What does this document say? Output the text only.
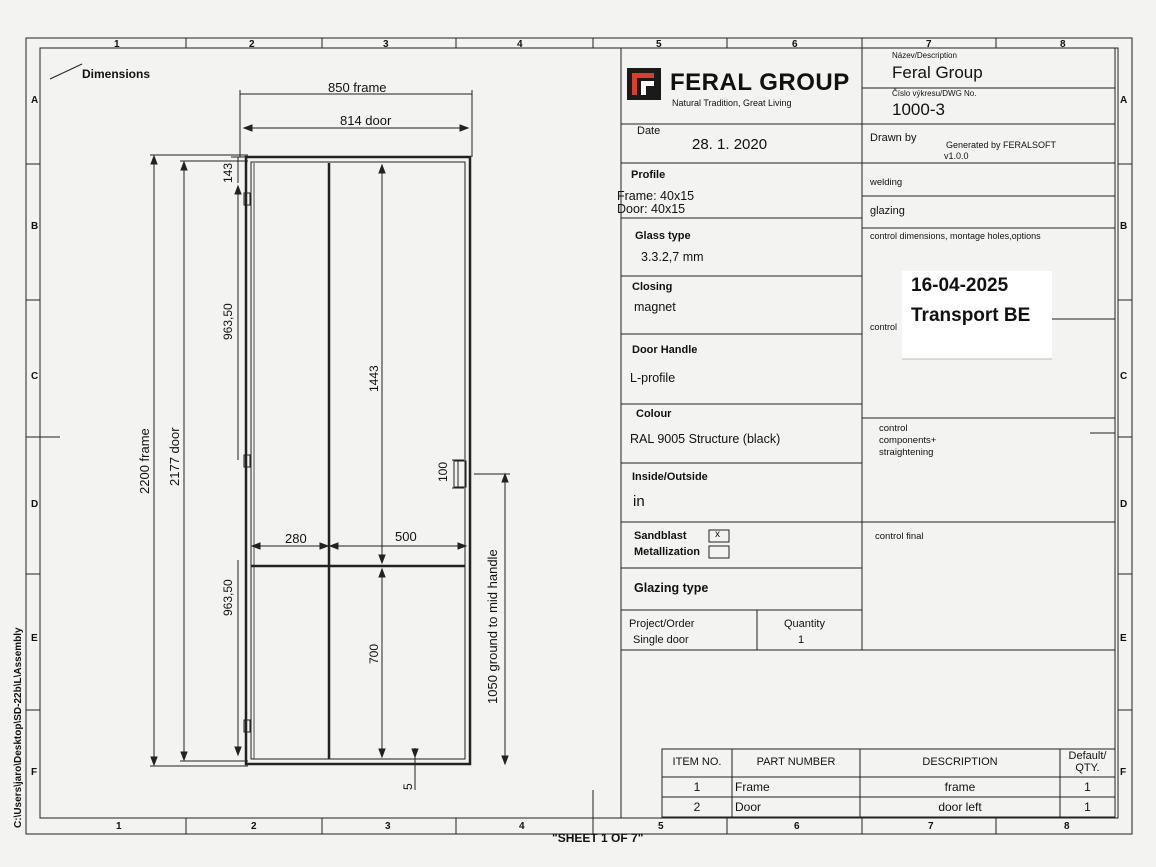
1	2	3	4	5	6	7	8
1	2	3	4	5	6	7	8
A
B
C
D
E
F
A
B
C
D
E
F
C:\Users\jaro\Desktop\SD-22b\L\Assembly
"SHEET 1 OF 7"
Dimensions
850 frame
814 door
143
963,50
963,50
2200 frame 2177 door
1443
700	1050 ground to mid handle
100
280	500
5
FERAL GROUP
Natural Tradition, Great Living
Název/Description
Feral Group
Číslo výkresu/DWG No.
1000-3
Date
28. 1. 2020	Drawn by
Generated by FERALSOFT
v1.0.0
Profile
Frame: 40x15
Door: 40x15
Glass type
3.3.2,7 mm
Closing
magnet
Door Handle
L-profile
Colour
RAL 9005 Structure (black)
Inside/Outside
in
Sandblast	x
Metallization
Glazing type
Project/Order
Single door
Quantity
1
welding
glazing
control dimensions, montage holes,options
control
control
components+
straightening
control final
16-04-2025
Transport BE
ITEM NO.	PART NUMBER	DESCRIPTION	Default/
QTY.
1	Frame	frame	1
2	Door	door left	1
